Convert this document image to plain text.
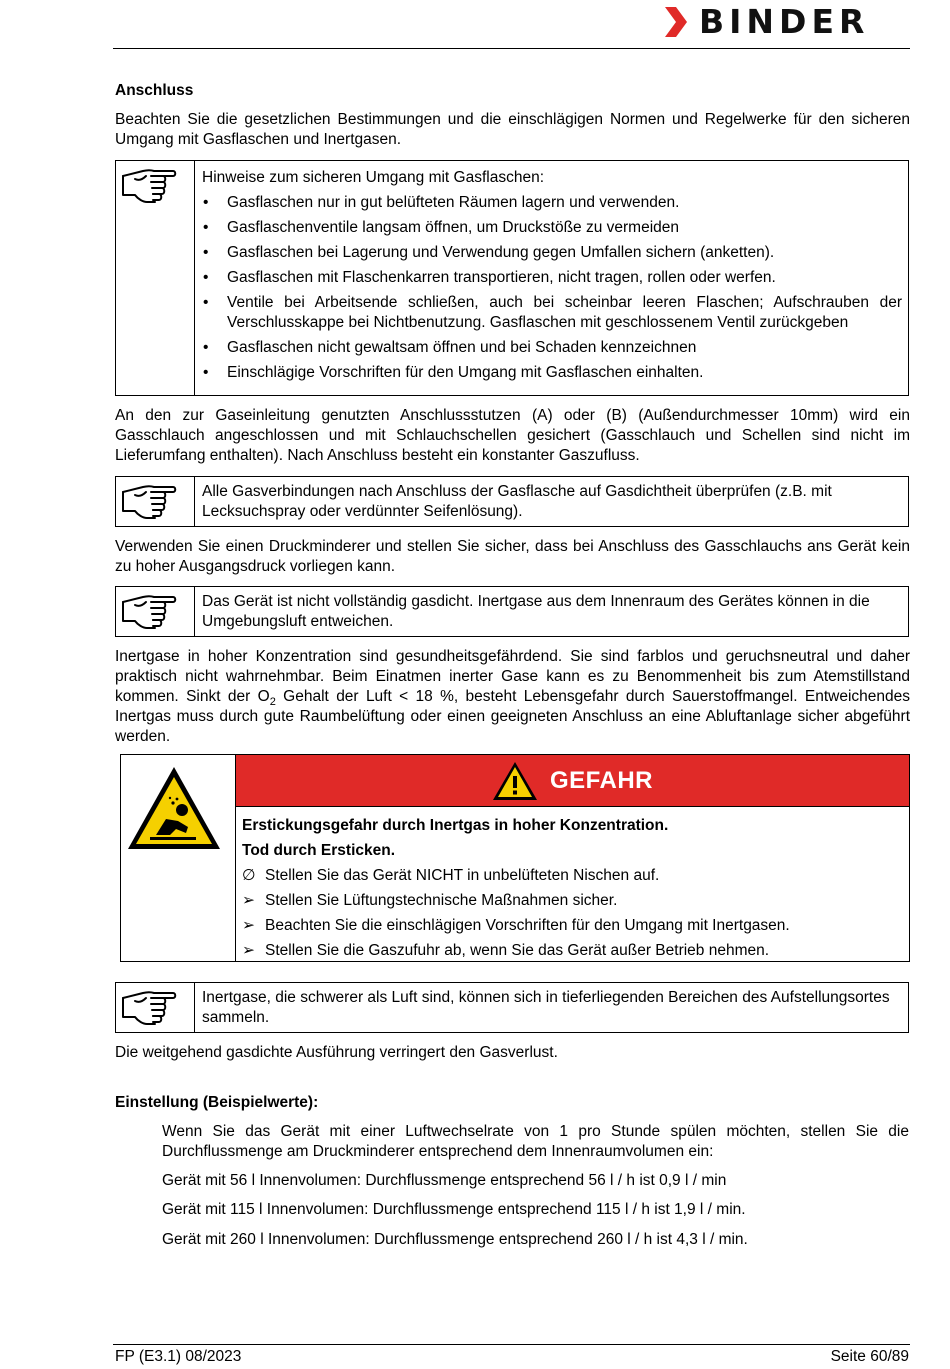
BINDER
Anschluss
Beachten Sie die gesetzlichen Bestimmungen und die einschlägigen Normen und Regelwerke für den sicheren Umgang mit Gasflaschen und Inertgasen.
Hinweise zum sicheren Umgang mit Gasflaschen:
•	Gasflaschen nur in gut belüfteten Räumen lagern und verwenden.
•	Gasflaschenventile langsam öffnen, um Druckstöße zu vermeiden
•	Gasflaschen bei Lagerung und Verwendung gegen Umfallen sichern (anketten).
•	Gasflaschen mit Flaschenkarren transportieren, nicht tragen, rollen oder werfen.
•	Ventile bei Arbeitsende schließen, auch bei scheinbar leeren Flaschen; Aufschrauben der Verschlusskappe bei Nichtbenutzung. Gasflaschen mit geschlossenem Ventil zurückgeben
•	Gasflaschen nicht gewaltsam öffnen und bei Schaden kennzeichnen
•	Einschlägige Vorschriften für den Umgang mit Gasflaschen einhalten.
An den zur Gaseinleitung genutzten Anschlussstutzen (A) oder (B) (Außendurchmesser 10mm) wird ein Gasschlauch angeschlossen und mit Schlauchschellen gesichert (Gasschlauch und Schellen sind nicht im Lieferumfang enthalten). Nach Anschluss besteht ein konstanter Gaszufluss.
Alle Gasverbindungen nach Anschluss der Gasflasche auf Gasdichtheit überprüfen (z.B. mit Lecksuchspray oder verdünnter Seifenlösung).
Verwenden Sie einen Druckminderer und stellen Sie sicher, dass bei Anschluss des Gasschlauchs ans Gerät kein zu hoher Ausgangsdruck vorliegen kann.
Das Gerät ist nicht vollständig gasdicht. Inertgase aus dem Innenraum des Gerätes können in die Umgebungsluft entweichen.
Inertgase in hoher Konzentration sind gesundheitsgefährdend. Sie sind farblos und geruchsneutral und daher praktisch nicht wahrnehmbar. Beim Einatmen inerter Gase kann es zu Benommenheit bis zum Atemstillstand kommen. Sinkt der $O_2$ Gehalt der Luft < 18 %, besteht Lebensgefahr durch Sauerstoffmangel. Entweichendes Inertgas muss durch gute Raumbelüftung oder einen geeigneten Anschluss an eine Abluftanlage sicher abgeführt werden.
GEFAHR
Erstickungsgefahr durch Inertgas in hoher Konzentration.
Tod durch Ersticken.
∅ Stellen Sie das Gerät NICHT in unbelüfteten Nischen auf.
➢ Stellen Sie Lüftungstechnische Maßnahmen sicher.
➢ Beachten Sie die einschlägigen Vorschriften für den Umgang mit Inertgasen.
➢ Stellen Sie die Gaszufuhr ab, wenn Sie das Gerät außer Betrieb nehmen.
Inertgase, die schwerer als Luft sind, können sich in tieferliegenden Bereichen des Aufstellungsortes sammeln.
Die weitgehend gasdichte Ausführung verringert den Gasverlust.
Einstellung (Beispielwerte):
Wenn Sie das Gerät mit einer Luftwechselrate von 1 pro Stunde spülen möchten, stellen Sie die Durchflussmenge am Druckminderer entsprechend dem Innenraumvolumen ein:
Gerät mit 56 l Innenvolumen: Durchflussmenge entsprechend 56 l / h ist 0,9 l / min
Gerät mit 115 l Innenvolumen: Durchflussmenge entsprechend 115 l / h ist 1,9 l / min.
Gerät mit 260 l Innenvolumen: Durchflussmenge entsprechend 260 l / h ist 4,3 l / min.
FP (E3.1) 08/2023	Seite 60/89
